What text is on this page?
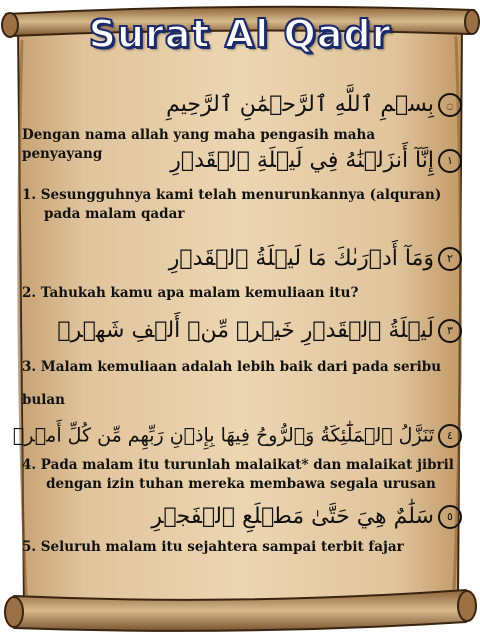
Surat Al Qadr
۝بِسۡمِ ٱللَّهِ ٱلرَّحۡمَٰنِ ٱلرَّحِيمِ
Dengan nama allah yang maha pengasih maha penyayang	١إِنَّآ أَنزَلۡنَٰهُ فِي لَيۡلَةِ ٱلۡقَدۡرِ
1. Sesungguhnya kami telah menurunkannya (alquran)
pada malam qadar
٢وَمَآ أَدۡرَىٰكَ مَا لَيۡلَةُ ٱلۡقَدۡرِ
2. Tahukah kamu apa malam kemuliaan itu?
٣لَيۡلَةُ ٱلۡقَدۡرِ خَيۡرٞ مِّنۡ أَلۡفِ شَهۡرٖ
3. Malam kemuliaan adalah lebih baik dari pada seribu
bulan
٤تَنَزَّلُ ٱلۡمَلَٰٓئِكَةُ وَٱلرُّوحُ فِيهَا بِإِذۡنِ رَبِّهِم مِّن كُلِّ أَمۡرٖ
4. Pada malam itu turunlah malaikat* dan malaikat jibril
dengan izin tuhan mereka membawa segala urusan
٥سَلَٰمٌ هِيَ حَتَّىٰ مَطۡلَعِ ٱلۡفَجۡرِ
5. Seluruh malam itu sejahtera sampai terbit fajar
